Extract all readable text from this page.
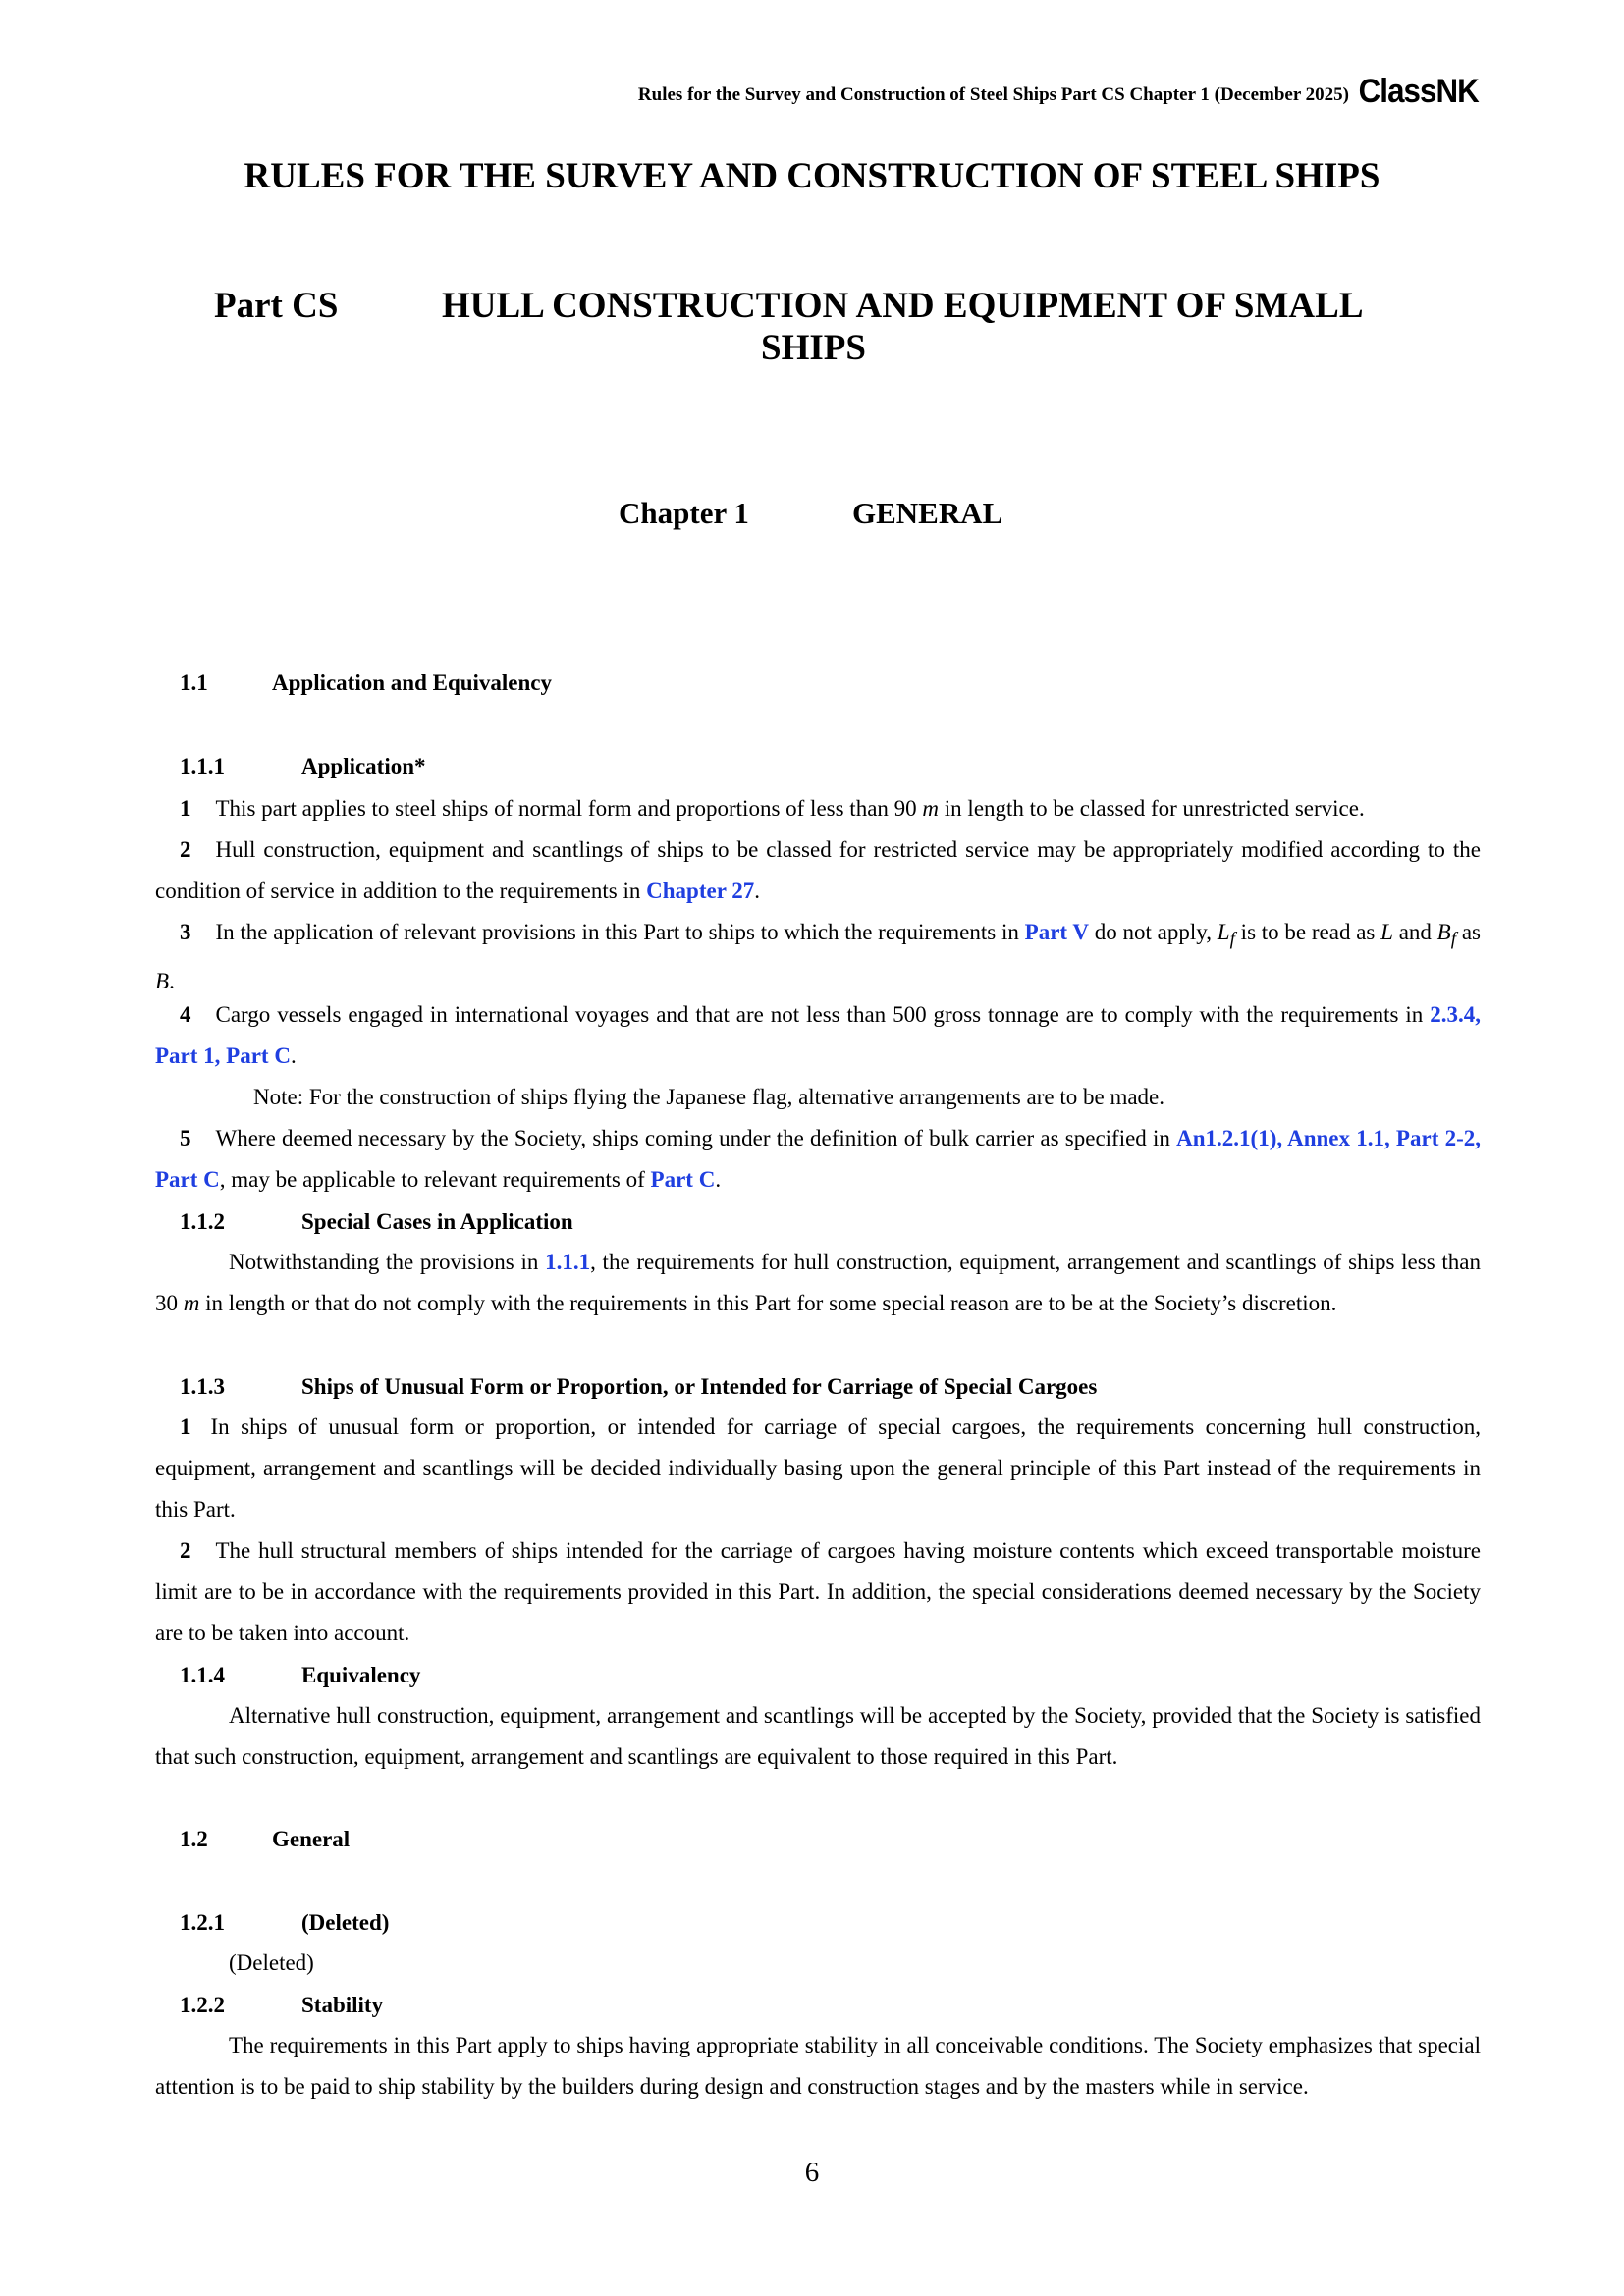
Rules for the Survey and Construction of Steel Ships Part CS Chapter 1 (December 2025) ClassNK
RULES FOR THE SURVEY AND CONSTRUCTION OF STEEL SHIPS
Part CS	HULL CONSTRUCTION AND EQUIPMENT OF SMALL
SHIPS
Chapter 1	GENERAL
1.1	Application and Equivalency
1.1.1	Application*
1 This part applies to steel ships of normal form and proportions of less than 90 m in length to be classed for unrestricted service.
2 Hull construction, equipment and scantlings of ships to be classed for restricted service may be appropriately modified according to the condition of service in addition to the requirements in Chapter 27.
3 In the application of relevant provisions in this Part to ships to which the requirements in Part V do not apply, $L_f$ is to be read as L and $B_f$ as B.
4 Cargo vessels engaged in international voyages and that are not less than 500 gross tonnage are to comply with the requirements in 2.3.4, Part 1, Part C.
Note: For the construction of ships flying the Japanese flag, alternative arrangements are to be made.
5 Where deemed necessary by the Society, ships coming under the definition of bulk carrier as specified in An1.2.1(1), Annex 1.1, Part 2-2, Part C, may be applicable to relevant requirements of Part C.
1.1.2	Special Cases in Application
Notwithstanding the provisions in 1.1.1, the requirements for hull construction, equipment, arrangement and scantlings of ships less than 30 m in length or that do not comply with the requirements in this Part for some special reason are to be at the Society’s discretion.
1.1.3	Ships of Unusual Form or Proportion, or Intended for Carriage of Special Cargoes
1 In ships of unusual form or proportion, or intended for carriage of special cargoes, the requirements concerning hull construction, equipment, arrangement and scantlings will be decided individually basing upon the general principle of this Part instead of the requirements in this Part.
2 The hull structural members of ships intended for the carriage of cargoes having moisture contents which exceed transportable moisture limit are to be in accordance with the requirements provided in this Part. In addition, the special considerations deemed necessary by the Society are to be taken into account.
1.1.4	Equivalency
Alternative hull construction, equipment, arrangement and scantlings will be accepted by the Society, provided that the Society is satisfied that such construction, equipment, arrangement and scantlings are equivalent to those required in this Part.
1.2	General
1.2.1	(Deleted)
(Deleted)
1.2.2	Stability
The requirements in this Part apply to ships having appropriate stability in all conceivable conditions. The Society emphasizes that special attention is to be paid to ship stability by the builders during design and construction stages and by the masters while in service.
6
